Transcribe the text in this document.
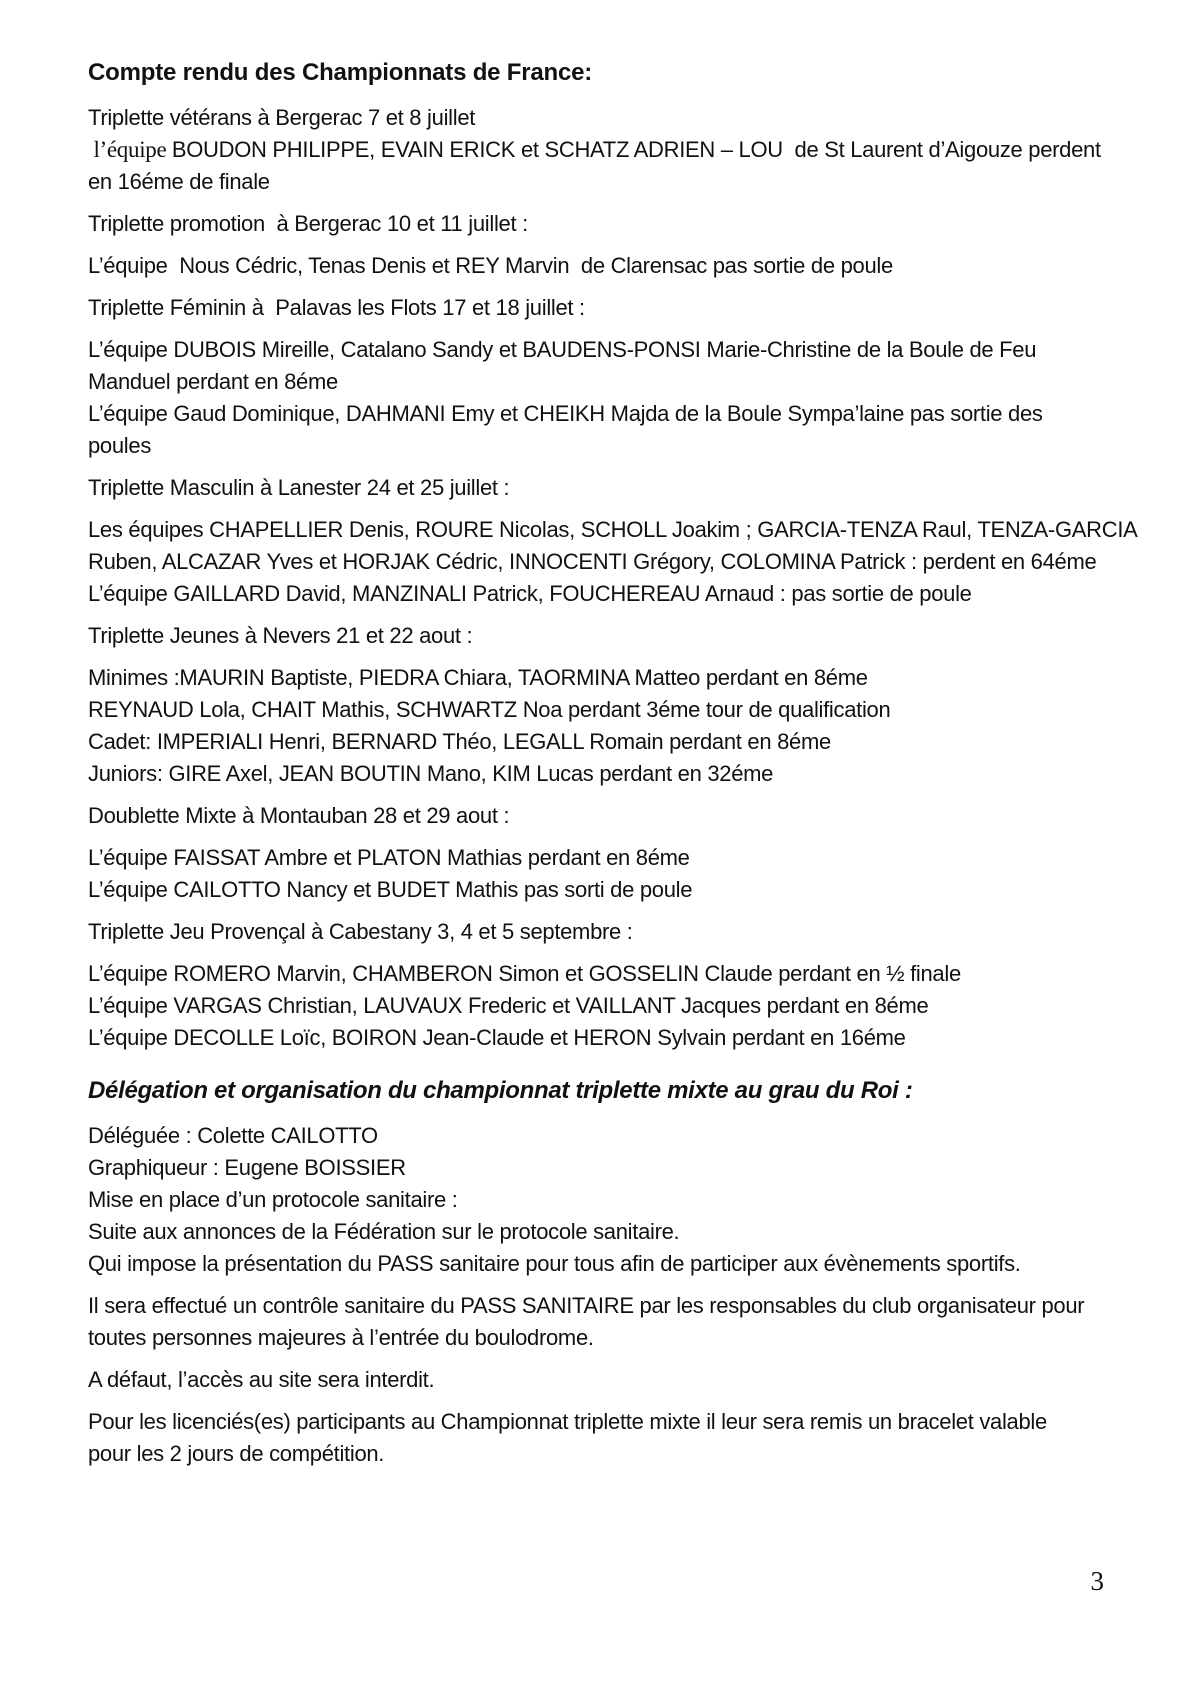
Compte rendu des Championnats de France:
Triplette vétérans à Bergerac 7 et 8 juillet
l’équipe BOUDON PHILIPPE, EVAIN ERICK et SCHATZ ADRIEN – LOU  de St Laurent d’Aigouze perdent
en 16éme de finale
Triplette promotion  à Bergerac 10 et 11 juillet :
L’équipe  Nous Cédric, Tenas Denis et REY Marvin  de Clarensac pas sortie de poule
Triplette Féminin à  Palavas les Flots 17 et 18 juillet :
L’équipe DUBOIS Mireille, Catalano Sandy et BAUDENS-PONSI Marie-Christine de la Boule de Feu
Manduel perdant en 8éme
L’équipe Gaud Dominique, DAHMANI Emy et CHEIKH Majda de la Boule Sympa’laine pas sortie des
poules
Triplette Masculin à Lanester 24 et 25 juillet :
Les équipes CHAPELLIER Denis, ROURE Nicolas, SCHOLL Joakim ; GARCIA-TENZA Raul, TENZA-GARCIA
Ruben, ALCAZAR Yves et HORJAK Cédric, INNOCENTI Grégory, COLOMINA Patrick : perdent en 64éme
L’équipe GAILLARD David, MANZINALI Patrick, FOUCHEREAU Arnaud : pas sortie de poule
Triplette Jeunes à Nevers 21 et 22 aout :
Minimes :MAURIN Baptiste, PIEDRA Chiara, TAORMINA Matteo perdant en 8éme
REYNAUD Lola, CHAIT Mathis, SCHWARTZ Noa perdant 3éme tour de qualification
Cadet: IMPERIALI Henri, BERNARD Théo, LEGALL Romain perdant en 8éme
Juniors: GIRE Axel, JEAN BOUTIN Mano, KIM Lucas perdant en 32éme
Doublette Mixte à Montauban 28 et 29 aout :
L’équipe FAISSAT Ambre et PLATON Mathias perdant en 8éme
L’équipe CAILOTTO Nancy et BUDET Mathis pas sorti de poule
Triplette Jeu Provençal à Cabestany 3, 4 et 5 septembre :
L’équipe ROMERO Marvin, CHAMBERON Simon et GOSSELIN Claude perdant en ½ finale
L’équipe VARGAS Christian, LAUVAUX Frederic et VAILLANT Jacques perdant en 8éme
L’équipe DECOLLE Loïc, BOIRON Jean-Claude et HERON Sylvain perdant en 16éme
Délégation et organisation du championnat triplette mixte au grau du Roi :
Déléguée : Colette CAILOTTO
Graphiqueur : Eugene BOISSIER
Mise en place d’un protocole sanitaire :
Suite aux annonces de la Fédération sur le protocole sanitaire.
Qui impose la présentation du PASS sanitaire pour tous afin de participer aux évènements sportifs.
Il sera effectué un contrôle sanitaire du PASS SANITAIRE par les responsables du club organisateur pour
toutes personnes majeures à l’entrée du boulodrome.
A défaut, l’accès au site sera interdit.
Pour les licenciés(es) participants au Championnat triplette mixte il leur sera remis un bracelet valable
pour les 2 jours de compétition.
3
